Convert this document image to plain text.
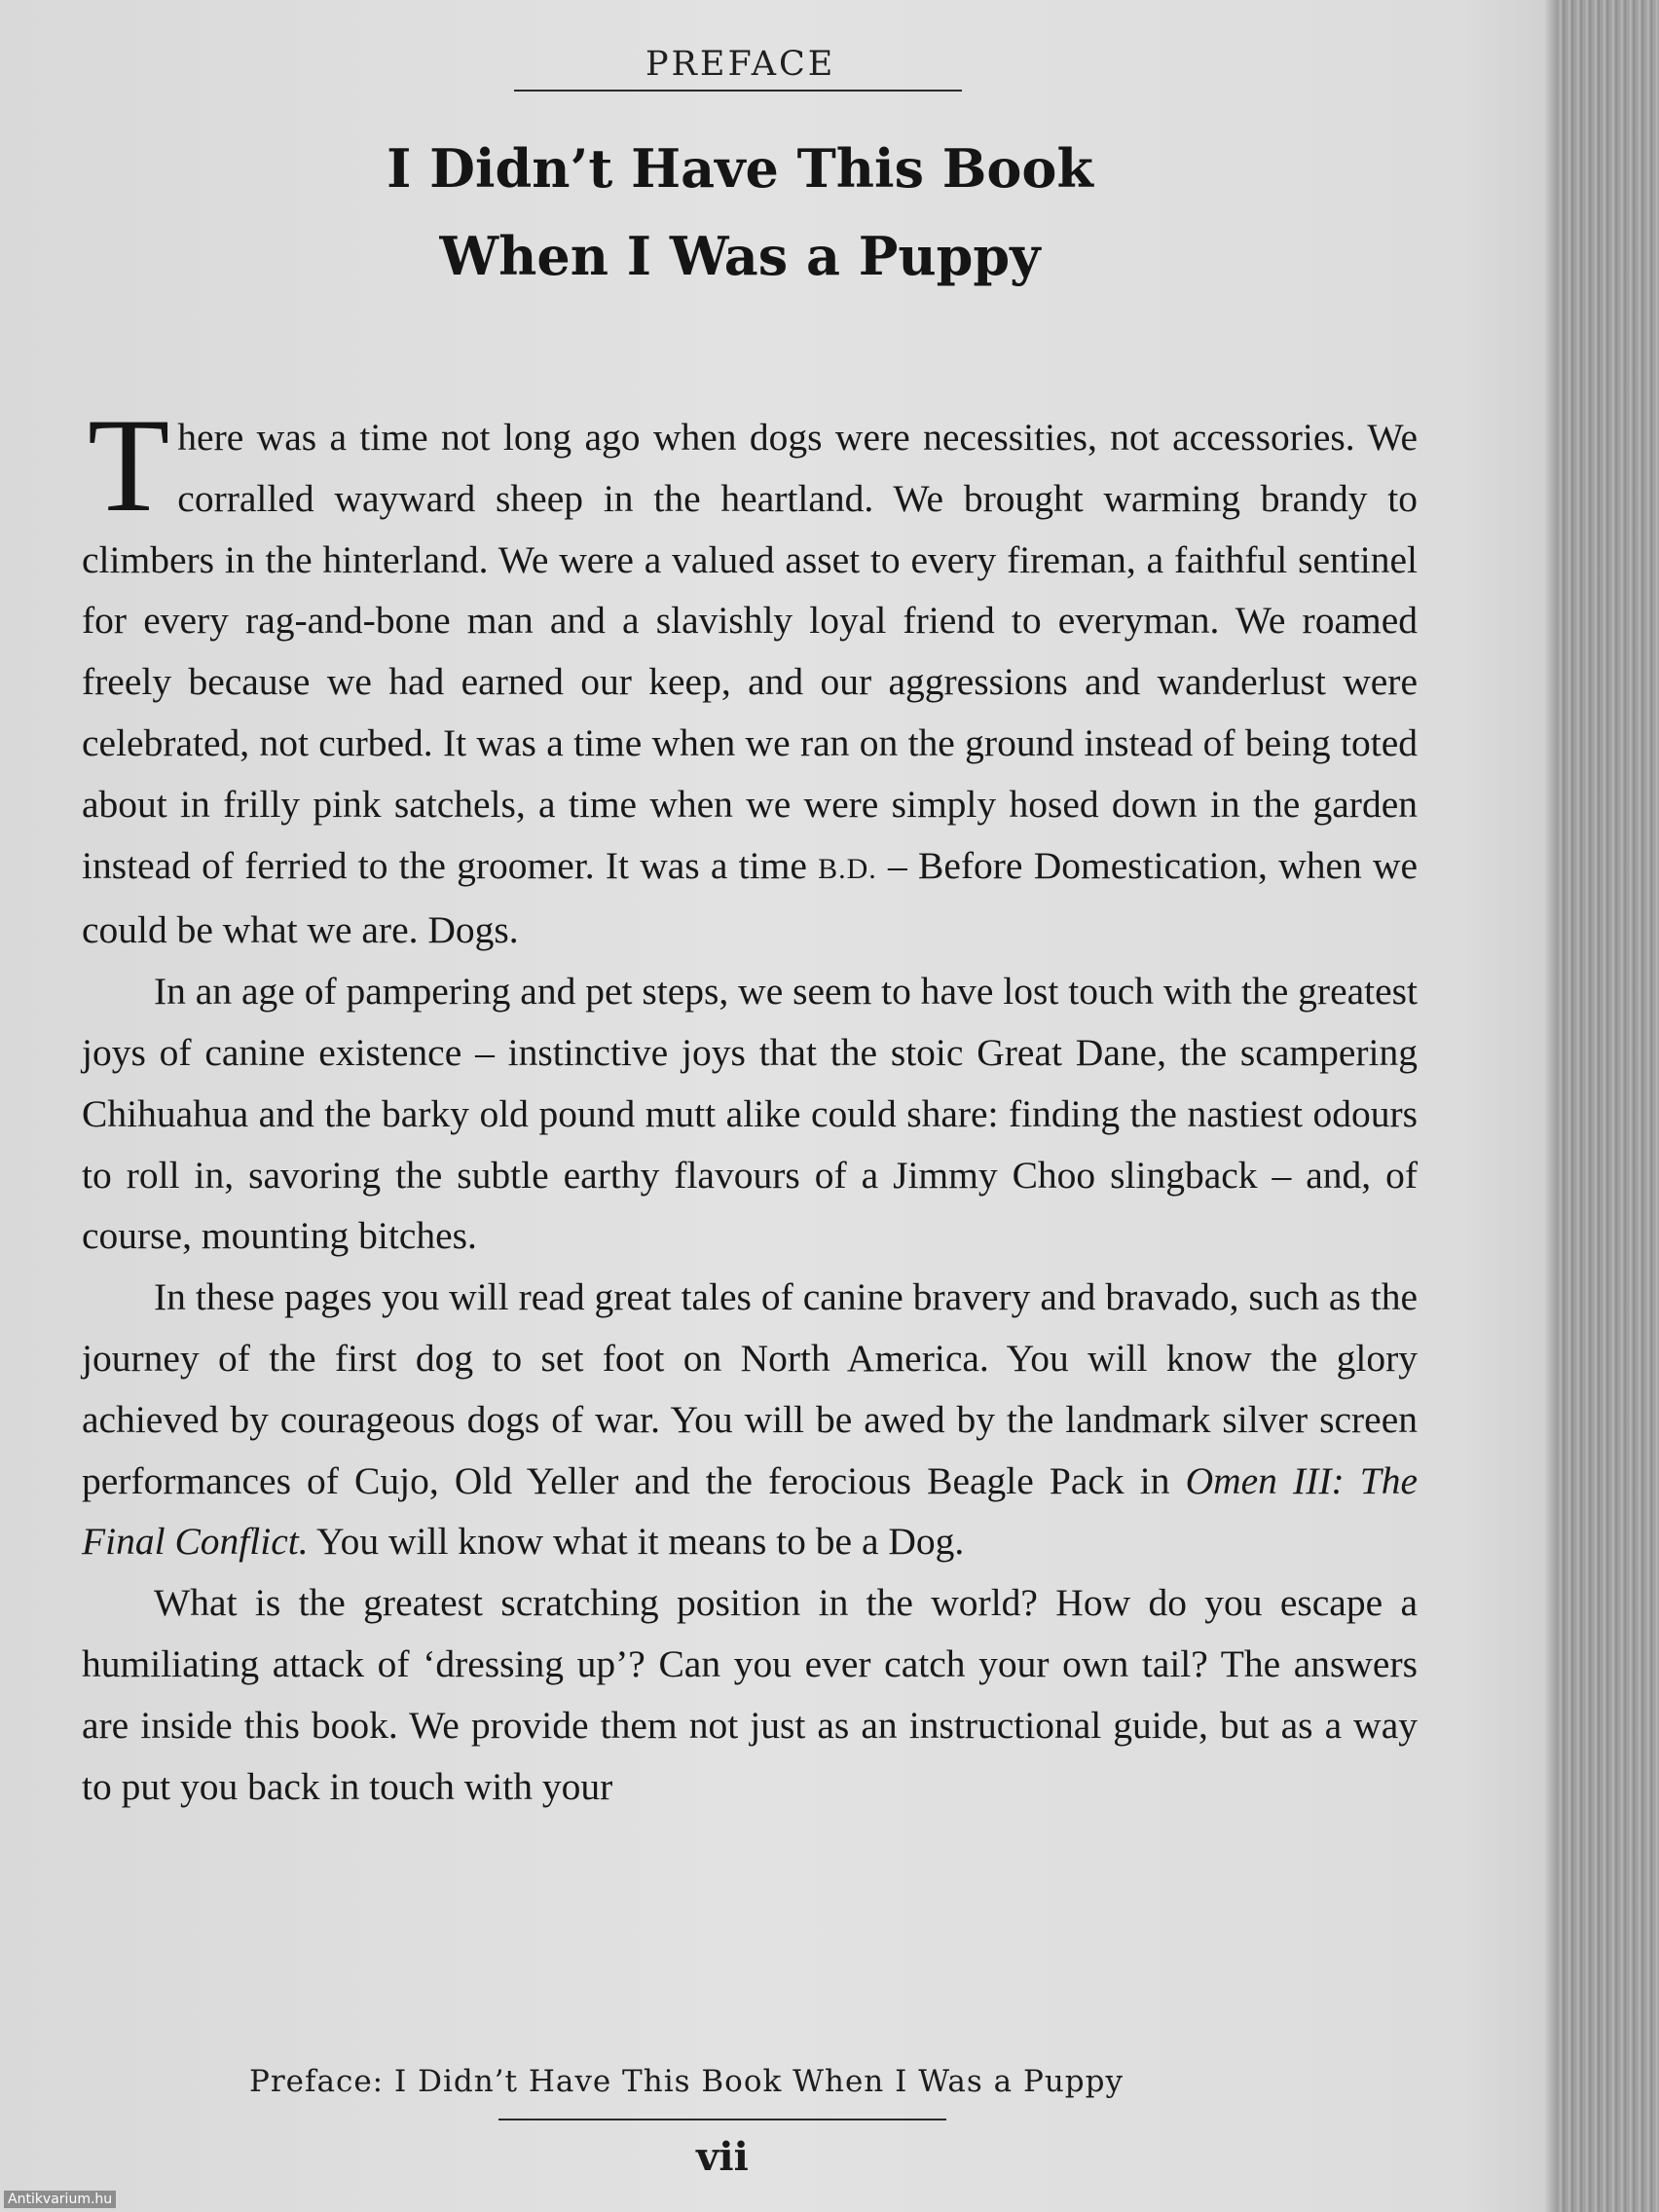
PREFACE
I Didn’t Have This Book
When I Was a Puppy

There was a time not long ago when dogs were necessities, not accessories. We corralled wayward sheep in the heartland. We brought warming brandy to climbers in the hinterland. We were a valued asset to every fireman, a faithful sentinel for every rag-and-bone man and a slavishly loyal friend to everyman. We roamed freely because we had earned our keep, and our aggressions and wanderlust were celebrated, not curbed. It was a time when we ran on the ground instead of being toted about in frilly pink satchels, a time when we were simply hosed down in the garden instead of ferried to the groomer. It was a time B.D. – Before Domestication, when we could be what we are. Dogs.

In an age of pampering and pet steps, we seem to have lost touch with the greatest joys of canine existence – instinctive joys that the stoic Great Dane, the scampering Chihuahua and the barky old pound mutt alike could share: finding the nastiest odours to roll in, savoring the subtle earthy flavours of a Jimmy Choo slingback – and, of course, mounting bitches.

In these pages you will read great tales of canine bravery and bravado, such as the journey of the first dog to set foot on North America. You will know the glory achieved by courageous dogs of war. You will be awed by the landmark silver screen performances of Cujo, Old Yeller and the ferocious Beagle Pack in Omen III: The Final Conflict. You will know what it means to be a Dog.

What is the greatest scratching position in the world? How do you escape a humiliating attack of ‘dressing up’? Can you ever catch your own tail? The answers are inside this book. We provide them not just as an instructional guide, but as a way to put you back in touch with your

Preface: I Didn’t Have This Book When I Was a Puppy
vii
Antikvarium.hu
